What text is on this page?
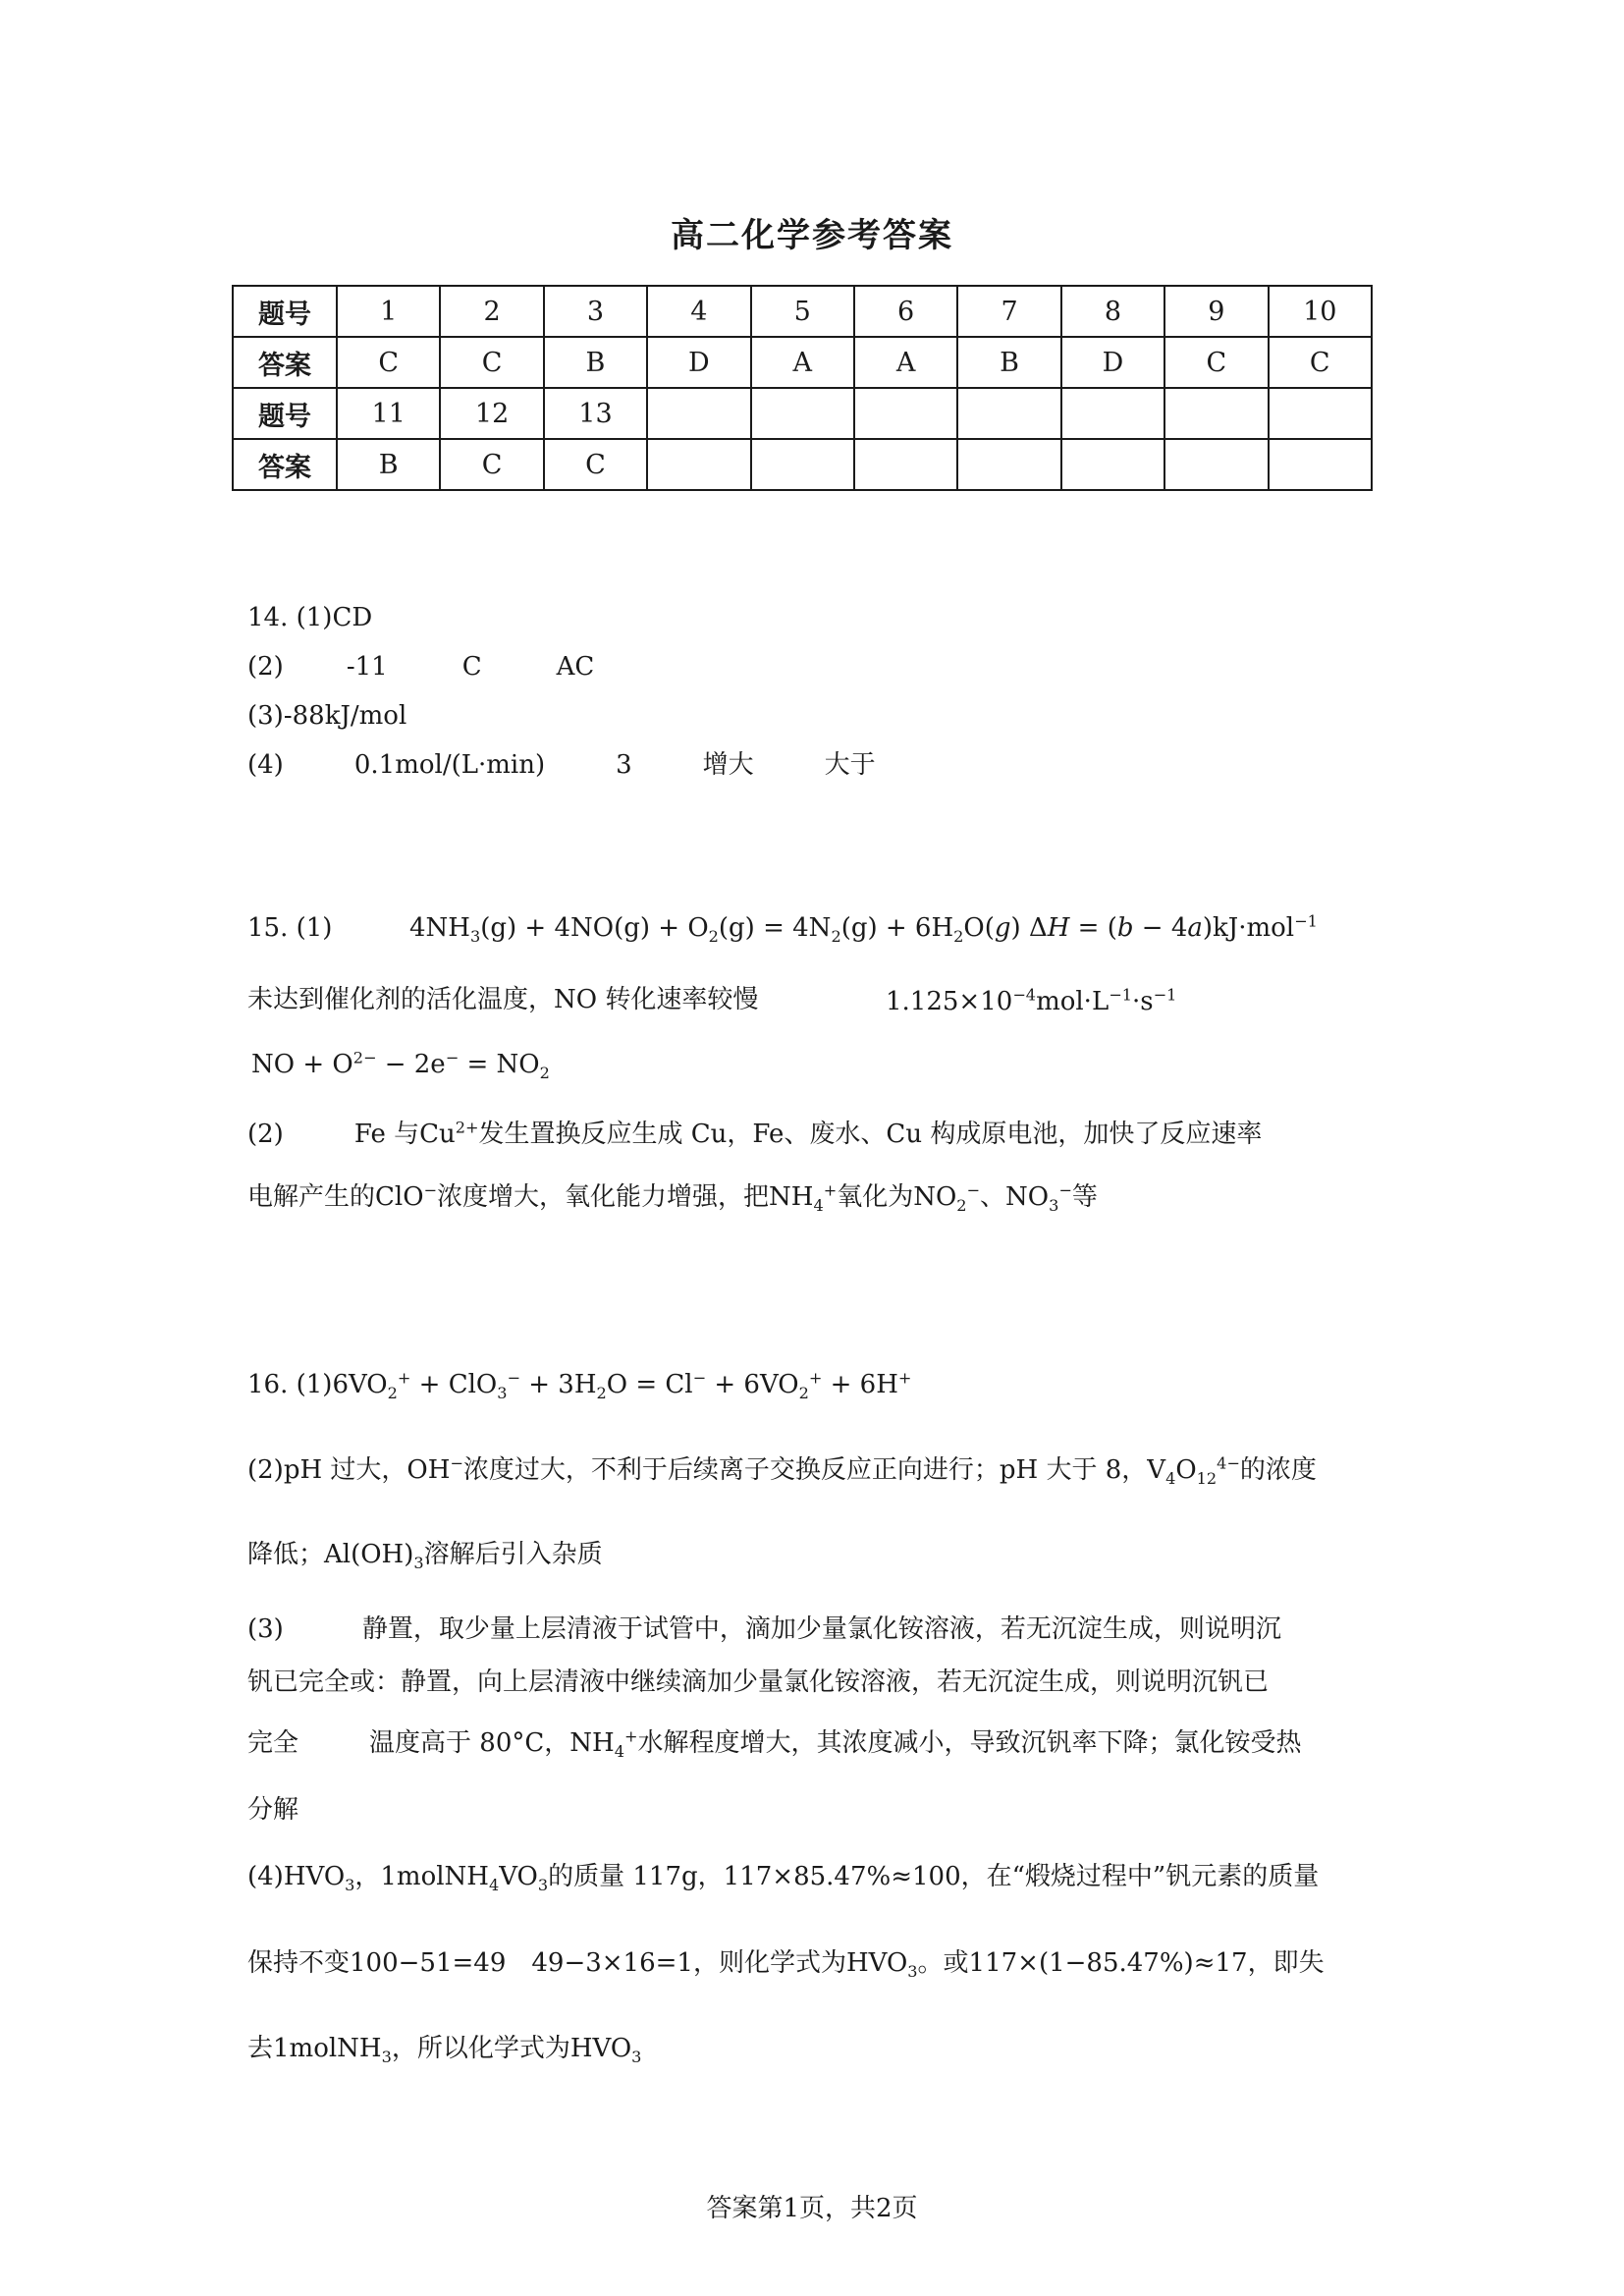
高二化学参考答案
题号	1	2	3	4	5	6	7	8	9	10
答案	C	C	B	D	A	A	B	D	C	C
题号	11	12	13							
答案	B	C	C							
14. (1)CD
(2) -11	C	AC
(3)-88kJ/mol
(4)	0.1mol/(L·min)	3	增大	大于
15. (1)	$4NH_3(g) + 4NO(g) + O_2(g) = 4N_2(g) + 6H_2O(g) \Delta H = (b - 4a)kJ\cdot mol^{-1}$
未达到催化剂的活化温度，NO 转化速率较慢	$1.125\times 10^{-4}mol\cdot L^{-1}\cdot s^{-1}$
NO + $O^{2-} - 2e^- = NO_2$
(2)	Fe 与$Cu^{2+}$发生置换反应生成 Cu，Fe、废水、Cu 构成原电池，加快了反应速率
电解产生的ClO−浓度增大，氧化能力增强，把$NH_4^+$氧化为$NO_2^-$、$NO_3^-$等
16. $(1)6VO_2^+ + ClO_3^- + 3H_2O = Cl^- + 6VO_2^+ + 6H^+$
(2)pH 过大，OH−浓度过大，不利于后续离子交换反应正向进行；pH 大于 8，$V_4O_{12}^{4-}$的浓度
降低；$Al(OH)_3$溶解后引入杂质
(3)	静置，取少量上层清液于试管中，滴加少量氯化铵溶液，若无沉淀生成，则说明沉
钒已完全或：静置，向上层清液中继续滴加少量氯化铵溶液，若无沉淀生成，则说明沉钒已
完全	温度高于 80°C，$NH_4^+$水解程度增大，其浓度减小，导致沉钒率下降；氯化铵受热
分解
$(4)HVO_3$，$1molNH_4VO_3$的质量 117g，117×85.47%≈100，在“煅烧过程中”钒元素的质量
保持不变100−51=49　49−3×16=1，则化学式为$HVO_3$。或117×(1−85.47%)≈17，即失
去1molNH$_3$，所以化学式为$HVO_3$
答案第1页，共2页
